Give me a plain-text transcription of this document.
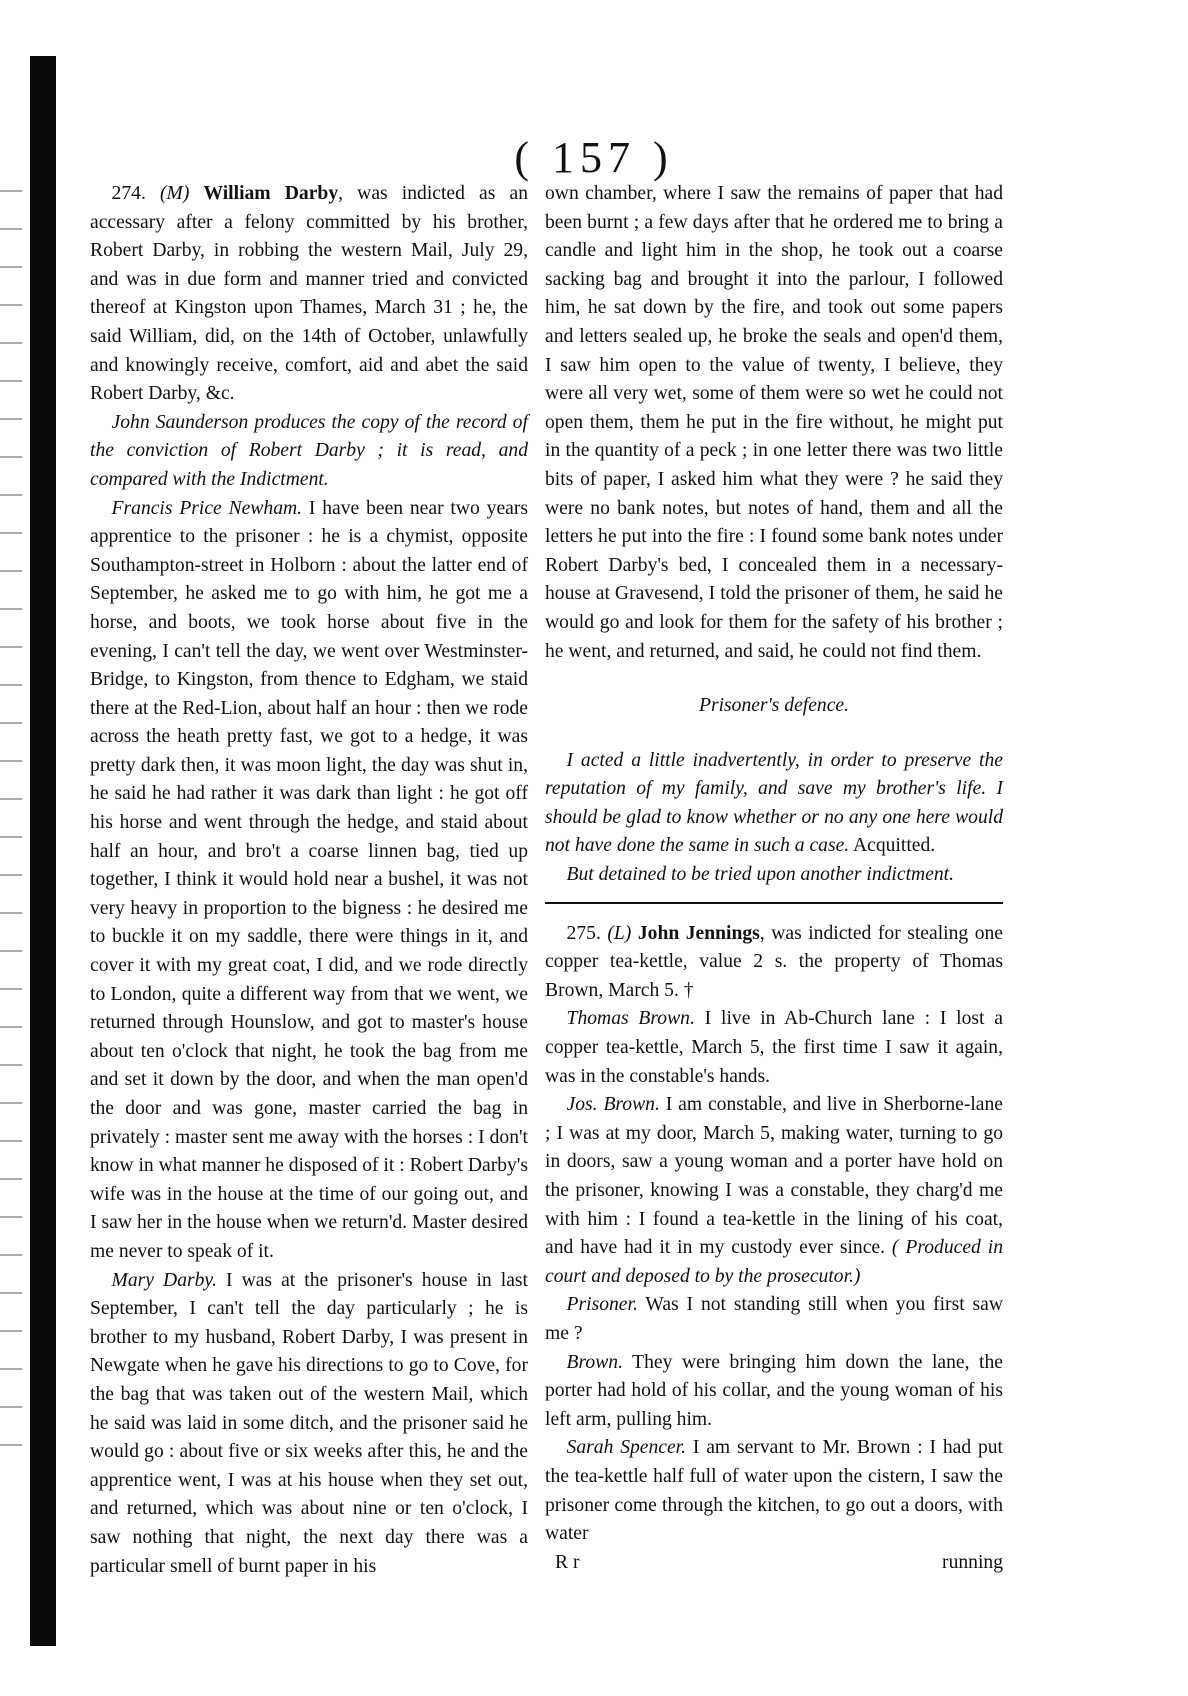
( 157 )

274. (M) William Darby, was indicted as an accessary after a felony committed by his brother, Robert Darby, in robbing the western Mail, July 29, and was in due form and manner tried and convicted thereof at Kingston upon Thames, March 31 ; he, the said William, did, on the 14th of October, unlawfully and knowingly receive, comfort, aid and abet the said Robert Darby, &c.

John Saunderson produces the copy of the record of the conviction of Robert Darby ; it is read, and compared with the Indictment.

Francis Price Newham. I have been near two years apprentice to the prisoner : he is a chymist, opposite Southampton-street in Holborn : about the latter end of September, he asked me to go with him, he got me a horse, and boots, we took horse about five in the evening, I can't tell the day, we went over Westminster-Bridge, to Kingston, from thence to Edgham, we staid there at the Red-Lion, about half an hour : then we rode across the heath pretty fast, we got to a hedge, it was pretty dark then, it was moon light, the day was shut in, he said he had rather it was dark than light : he got off his horse and went through the hedge, and staid about half an hour, and bro't a coarse linnen bag, tied up together, I think it would hold near a bushel, it was not very heavy in proportion to the bigness : he desired me to buckle it on my saddle, there were things in it, and cover it with my great coat, I did, and we rode directly to London, quite a different way from that we went, we returned through Hounslow, and got to master's house about ten o'clock that night, he took the bag from me and set it down by the door, and when the man open'd the door and was gone, master carried the bag in privately : master sent me away with the horses : I don't know in what manner he disposed of it : Robert Darby's wife was in the house at the time of our going out, and I saw her in the house when we return'd. Master desired me never to speak of it.

Mary Darby. I was at the prisoner's house in last September, I can't tell the day particularly ; he is brother to my husband, Robert Darby, I was present in Newgate when he gave his directions to go to Cove, for the bag that was taken out of the western Mail, which he said was laid in some ditch, and the prisoner said he would go : about five or six weeks after this, he and the apprentice went, I was at his house when they set out, and returned, which was about nine or ten o'clock, I saw nothing that night, the next day there was a particular smell of burnt paper in his

own chamber, where I saw the remains of paper that had been burnt ; a few days after that he ordered me to bring a candle and light him in the shop, he took out a coarse sacking bag and brought it into the parlour, I followed him, he sat down by the fire, and took out some papers and letters sealed up, he broke the seals and open'd them, I saw him open to the value of twenty, I believe, they were all very wet, some of them were so wet he could not open them, them he put in the fire without, he might put in the quantity of a peck ; in one letter there was two little bits of paper, I asked him what they were ? he said they were no bank notes, but notes of hand, them and all the letters he put into the fire : I found some bank notes under Robert Darby's bed, I concealed them in a necessary-house at Gravesend, I told the prisoner of them, he said he would go and look for them for the safety of his brother ; he went, and returned, and said, he could not find them.

Prisoner's defence.

I acted a little inadvertently, in order to preserve the reputation of my family, and save my brother's life. I should be glad to know whether or no any one here would not have done the same in such a case. Acquitted.

But detained to be tried upon another indictment.

275. (L) John Jennings, was indicted for stealing one copper tea-kettle, value 2 s. the property of Thomas Brown, March 5. †

Thomas Brown. I live in Ab-Church lane : I lost a copper tea-kettle, March 5, the first time I saw it again, was in the constable's hands.

Jos. Brown. I am constable, and live in Sherborne-lane ; I was at my door, March 5, making water, turning to go in doors, saw a young woman and a porter have hold on the prisoner, knowing I was a constable, they charg'd me with him : I found a tea-kettle in the lining of his coat, and have had it in my custody ever since. ( Produced in court and deposed to by the prosecutor.)

Prisoner. Was I not standing still when you first saw me ?

Brown. They were bringing him down the lane, the porter had hold of his collar, and the young woman of his left arm, pulling him.

Sarah Spencer. I am servant to Mr. Brown : I had put the tea-kettle half full of water upon the cistern, I saw the prisoner come through the kitchen, to go out a doors, with water

R r	running
